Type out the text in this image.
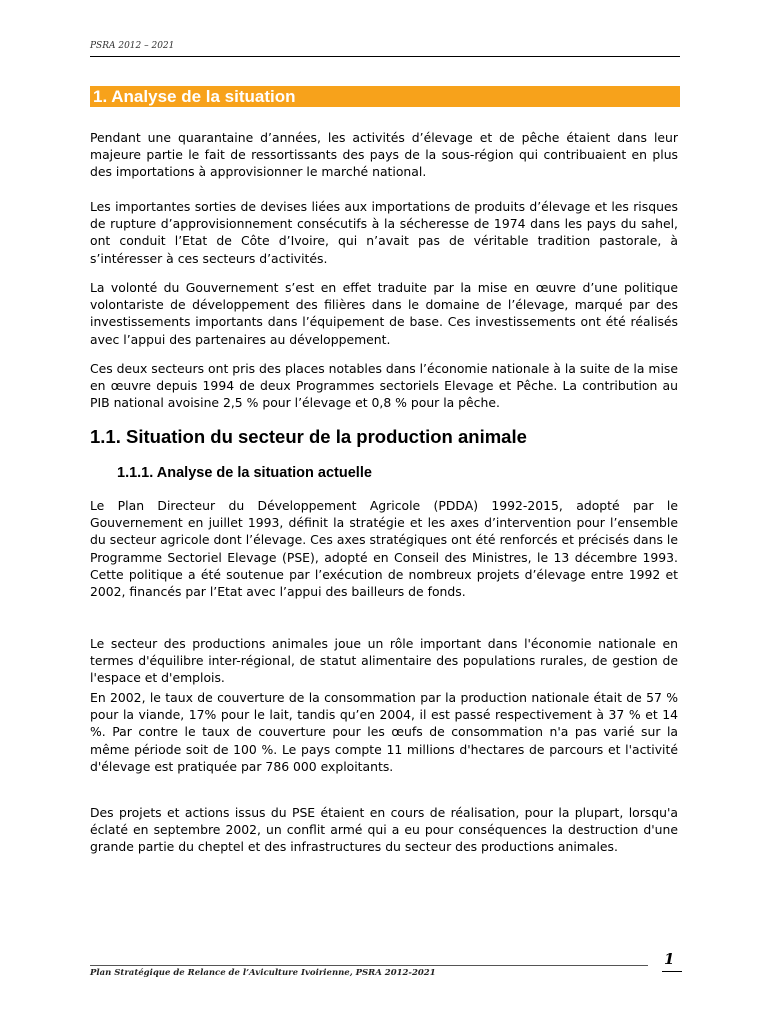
PSRA 2012 – 2021
1. Analyse de la situation

Pendant une quarantaine d’années, les activités d’élevage et de pêche étaient dans leur majeure partie le fait de ressortissants des pays de la sous-région qui contribuaient en plus des importations à approvisionner le marché national.

Les importantes sorties de devises liées aux importations de produits d’élevage et les risques de rupture d’approvisionnement consécutifs à la sécheresse de 1974 dans les pays du sahel, ont conduit l’Etat de Côte d’Ivoire, qui n’avait pas de véritable tradition pastorale, à s’intéresser à ces secteurs d’activités.

La volonté du Gouvernement s’est en effet traduite par la mise en œuvre d’une politique volontariste de développement des filières dans le domaine de l’élevage, marqué par des investissements importants dans l’équipement de base. Ces investissements ont été réalisés avec l’appui des partenaires au développement.

Ces deux secteurs ont pris des places notables dans l’économie nationale à la suite de la mise en œuvre depuis 1994 de deux Programmes sectoriels Elevage et Pêche. La contribution au PIB national avoisine 2,5 % pour l’élevage et 0,8 % pour la pêche.

1.1. Situation du secteur de la production animale
1.1.1. Analyse de la situation actuelle

Le Plan Directeur du Développement Agricole (PDDA) 1992-2015, adopté par le Gouvernement en juillet 1993, définit la stratégie et les axes d’intervention pour l’ensemble du secteur agricole dont l’élevage. Ces axes stratégiques ont été renforcés et précisés dans le Programme Sectoriel Elevage (PSE), adopté en Conseil des Ministres, le 13 décembre 1993. Cette politique a été soutenue par l’exécution de nombreux projets d’élevage entre 1992 et 2002, financés par l’Etat avec l’appui des bailleurs de fonds.

Le secteur des productions animales joue un rôle important dans l'économie nationale en termes d'équilibre inter-régional, de statut alimentaire des populations rurales, de gestion de l'espace et d'emplois.

En 2002, le taux de couverture de la consommation par la production nationale était de 57 % pour la viande, 17% pour le lait, tandis qu’en 2004, il est passé respectivement à 37 % et 14 %. Par contre le taux de couverture pour les œufs de consommation n'a pas varié sur la même période soit de 100 %. Le pays compte 11 millions d'hectares de parcours et l'activité d'élevage est pratiquée par 786 000 exploitants.

Des projets et actions issus du PSE étaient en cours de réalisation, pour la plupart, lorsqu'a éclaté en septembre 2002, un conflit armé qui a eu pour conséquences la destruction d'une grande partie du cheptel et des infrastructures du secteur des productions animales.

Plan Stratégique de Relance de l’Aviculture Ivoirienne, PSRA 2012-2021
1
